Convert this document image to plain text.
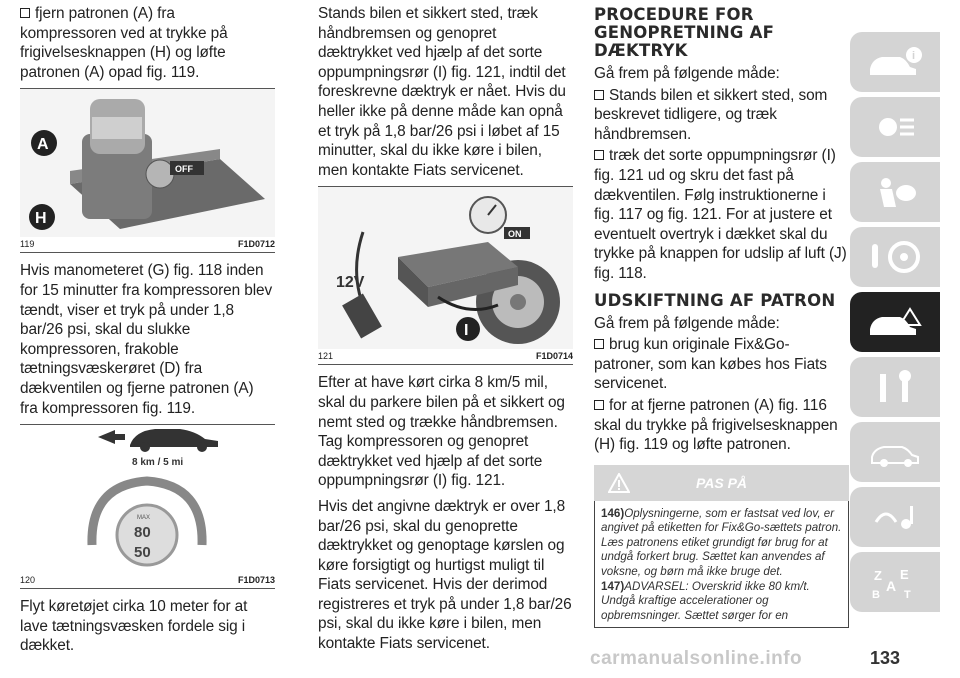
fjern patronen (A) fra kompressoren ved at trykke på frigivelsesknappen (H) og løfte patronen (A) opad fig. 119.

OFF
A
H
119	F1D0712

Hvis manometeret (G) fig. 118 inden for 15 minutter fra kompressoren blev tændt, viser et tryk på under 1,8 bar/26 psi, skal du slukke kompressoren, frakoble tætningsvæskerøret (D) fra dækventilen og fjerne patronen (A) fra kompressoren fig. 119.

8 km / 5 mi
MAX
80
50
120	F1D0713

Flyt køretøjet cirka 10 meter for at lave tætningsvæsken fordele sig i dækket.

Stands bilen et sikkert sted, træk håndbremsen og genopret dæktrykket ved hjælp af det sorte oppumpningsrør (I) fig. 121, indtil det foreskrevne dæktryk er nået. Hvis du heller ikke på denne måde kan opnå et tryk på 1,8 bar/26 psi i løbet af 15 minutter, skal du ikke køre i bilen, men kontakte Fiats servicenet.

ON
12V
I
121	F1D0714

Efter at have kørt cirka 8 km/5 mil, skal du parkere bilen på et sikkert og nemt sted og trække håndbremsen. Tag kompressoren og genopret dæktrykket ved hjælp af det sorte oppumpningsrør (I) fig. 121.

Hvis det angivne dæktryk er over 1,8 bar/26 psi, skal du genoprette dæktrykket og genoptage kørslen og køre forsigtigt og hurtigst muligt til Fiats servicenet. Hvis der derimod registreres et tryk på under 1,8 bar/26 psi, skal du ikke køre i bilen, men kontakte Fiats servicenet.

PROCEDURE FOR GENOPRETNING AF DÆKTRYK

Gå frem på følgende måde:

Stands bilen et sikkert sted, som beskrevet tidligere, og træk håndbremsen.

træk det sorte oppumpningsrør (I) fig. 121 ud og skru det fast på dækventilen. Følg instruktionerne i fig. 117 og fig. 121. For at justere et eventuelt overtryk i dækket skal du trykke på knappen for udslip af luft (J) fig. 118.

UDSKIFTNING AF PATRON

Gå frem på følgende måde:

brug kun originale Fix&Go-patroner, som kan købes hos Fiats servicenet.

for at fjerne patronen (A) fig. 116 skal du trykke på frigivelsesknappen (H) fig. 119 og løfte patronen.

PAS PÅ
146)Oplysningerne, som er fastsat ved lov, er angivet på etiketten for Fix&Go-sættets patron. Læs patronens etiket grundigt før brug for at undgå forkert brug. Sættet kan anvendes af voksne, og børn må ikke bruge det.
147)ADVARSEL: Overskrid ikke 80 km/t. Undgå kraftige accelerationer og opbremsninger. Sættet sørger for en
i
Z E
A
B T
carmanualsonline.info	133
